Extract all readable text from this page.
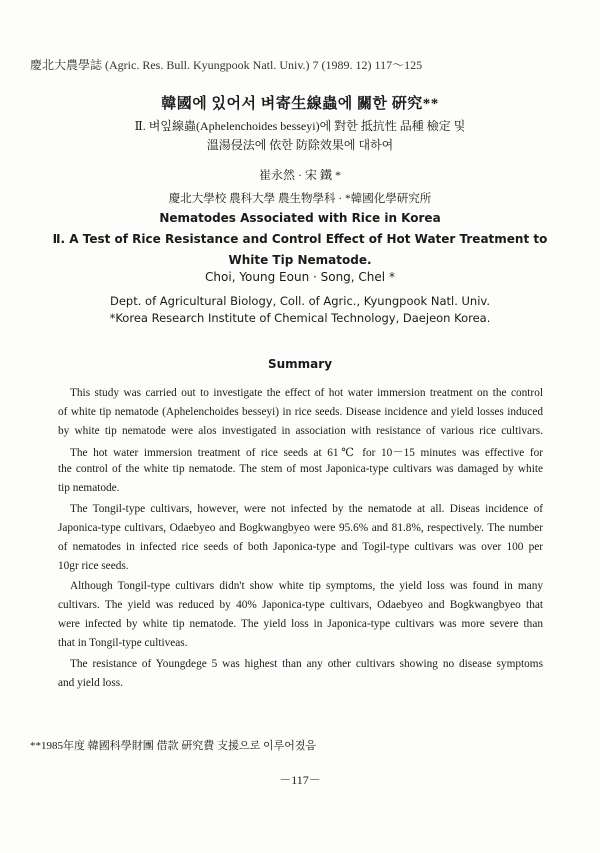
慶北大農學誌 (Agric. Res. Bull. Kyungpook Natl. Univ.) 7 (1989. 12) 117～125
韓國에 있어서 벼寄生線蟲에 關한 硏究**
Ⅱ. 벼잎線蟲(Aphelenchoides besseyi)에 對한 抵抗性 品種 檢定 및
溫湯侵法에 依한 防除效果에 대하여
崔永然 · 宋 鐵 *
慶北大學校 農科大學 農生物學科 · *韓國化學硏究所
Nematodes Associated with Rice in Korea
Ⅱ. A Test of Rice Resistance and Control Effect of Hot Water Treatment to
White Tip Nematode.
Choi, Young Eoun · Song, Chel *
Dept. of Agricultural Biology, Coll. of Agric., Kyungpook Natl. Univ.
*Korea Research Institute of Chemical Technology, Daejeon Korea.
Summary
This study was carried out to investigate the effect of hot water immersion treatment on the control
of white tip nematode (Aphelenchoides besseyi) in rice seeds. Disease incidence and yield losses induced
by white tip nematode were alos investigated in association with resistance of various rice cultivars.
The hot water immersion treatment of rice seeds at 61℃ for 10－15 minutes was effective for
the control of the white tip nematode. The stem of most Japonica-type cultivars was damaged by white
tip nematode.
The Tongil-type cultivars, however, were not infected by the nematode at all. Diseas incidence of
Japonica-type cultivars, Odaebyeo and Bogkwangbyeo were 95.6% and 81.8%, respectively. The number
of nematodes in infected rice seeds of both Japonica-type and Togil-type cultivars was over 100 per
10gr rice seeds.
Although Tongil-type cultivars didn't show white tip symptoms, the yield loss was found in many
cultivars. The yield was reduced by 40% Japonica-type cultivars, Odaebyeo and Bogkwangbyeo that
were infected by white tip nematode. The yield loss in Japonica-type cultivars was more severe than
that in Tongil-type cultiveas.
The resistance of Youngdege 5 was highest than any other cultivars showing no disease symptoms
and yield loss.
**1985年度 韓國科學財團 借款 硏究費 支援으로 이루어졌음
－117－
